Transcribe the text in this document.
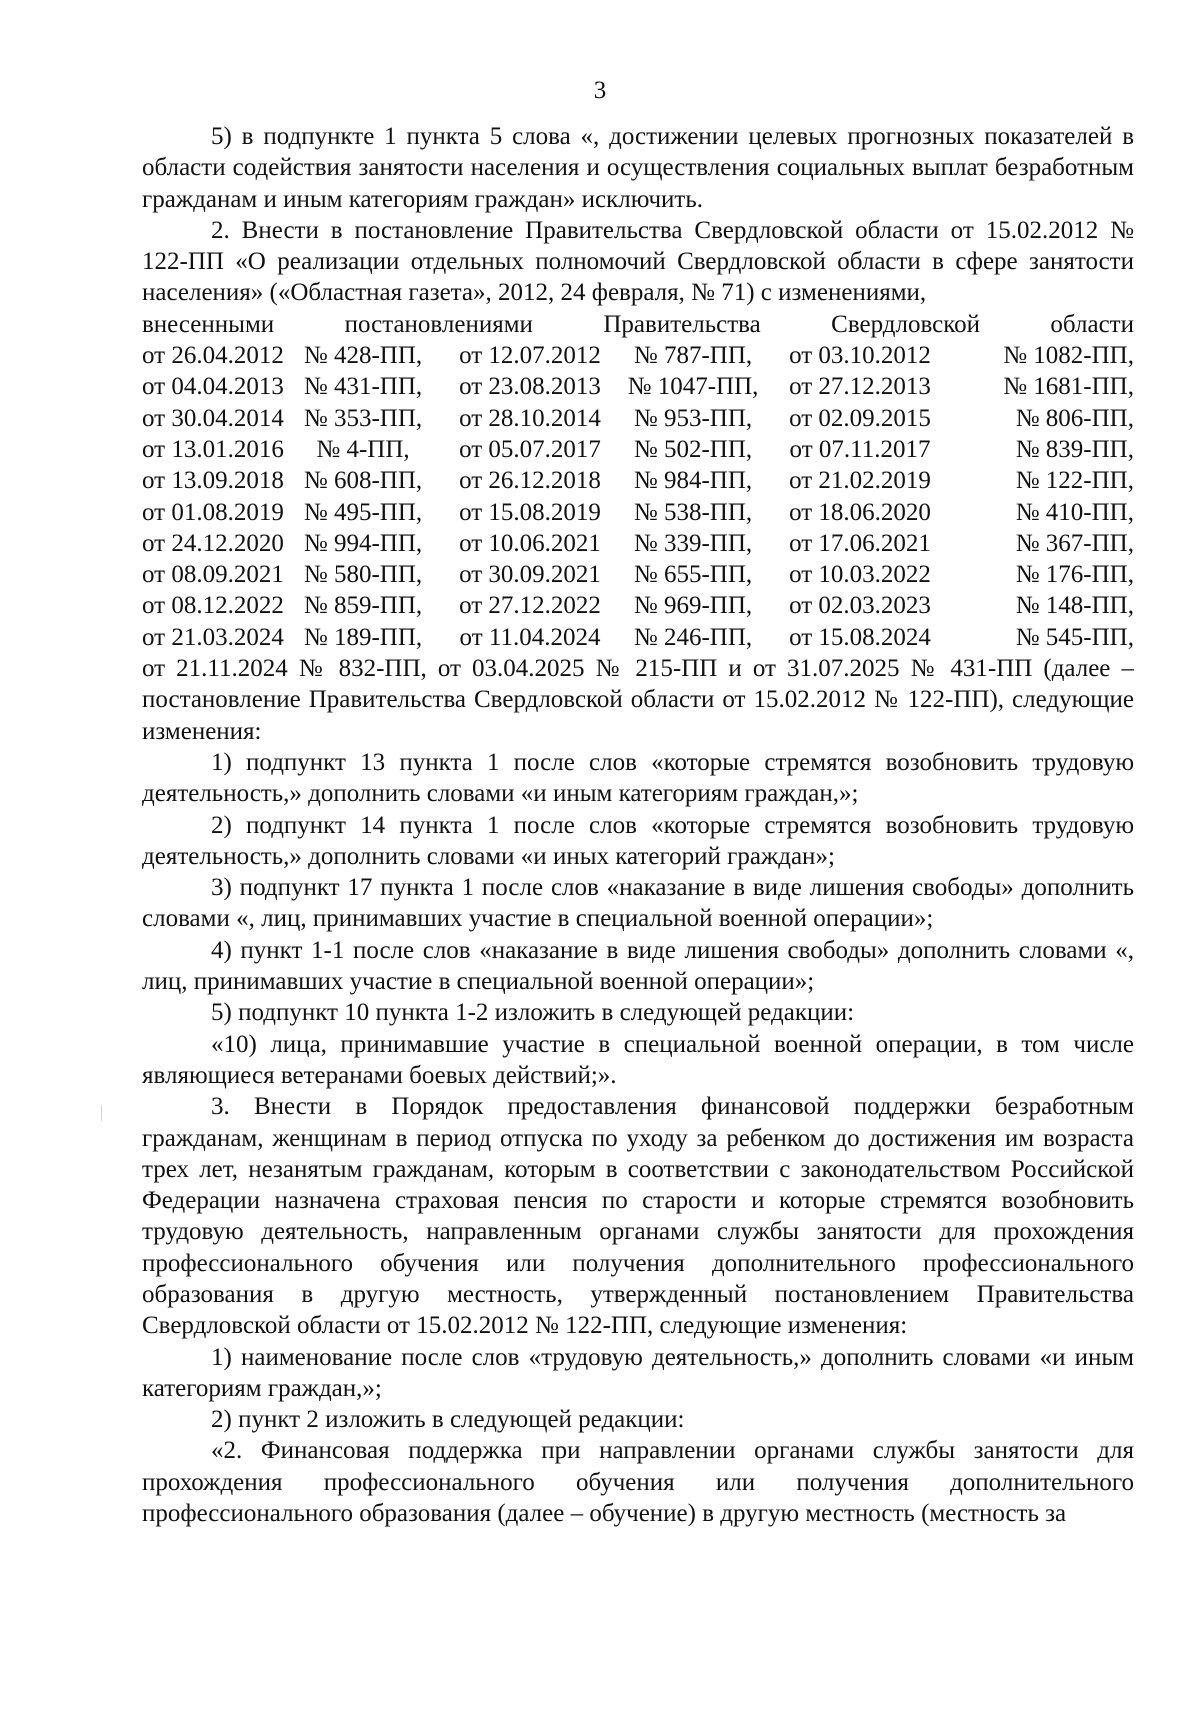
3

5) в подпункте 1 пункта 5 слова «, достижении целевых прогнозных показателей в области содействия занятости населения и осуществления социальных выплат безработным гражданам и иным категориям граждан» исключить.

2. Внести в постановление Правительства Свердловской области от 15.02.2012 № 122-ПП «О реализации отдельных полномочий Свердловской области в сфере занятости населения» («Областная газета», 2012, 24 февраля, № 71) с изменениями,

внесенными	постановлениями	Правительства	Свердловской	области
от 26.04.2012	№ 428-ПП,	от 12.07.2012	№ 787-ПП,	от 03.10.2012	№ 1082-ПП,
от 04.04.2013	№ 431-ПП,	от 23.08.2013	№ 1047-ПП,	от 27.12.2013	№ 1681-ПП,
от 30.04.2014	№ 353-ПП,	от 28.10.2014	№ 953-ПП,	от 02.09.2015	№ 806-ПП,
от 13.01.2016	№ 4-ПП,	от 05.07.2017	№ 502-ПП,	от 07.11.2017	№ 839-ПП,
от 13.09.2018	№ 608-ПП,	от 26.12.2018	№ 984-ПП,	от 21.02.2019	№ 122-ПП,
от 01.08.2019	№ 495-ПП,	от 15.08.2019	№ 538-ПП,	от 18.06.2020	№ 410-ПП,
от 24.12.2020	№ 994-ПП,	от 10.06.2021	№ 339-ПП,	от 17.06.2021	№ 367-ПП,
от 08.09.2021	№ 580-ПП,	от 30.09.2021	№ 655-ПП,	от 10.03.2022	№ 176-ПП,
от 08.12.2022	№ 859-ПП,	от 27.12.2022	№ 969-ПП,	от 02.03.2023	№ 148-ПП,
от 21.03.2024	№ 189-ПП,	от 11.04.2024	№ 246-ПП,	от 15.08.2024	№ 545-ПП,

от 21.11.2024 № 832-ПП, от 03.04.2025 № 215-ПП и от 31.07.2025 № 431-ПП (далее – постановление Правительства Свердловской области от 15.02.2012 № 122-ПП), следующие изменения:

1) подпункт 13 пункта 1 после слов «которые стремятся возобновить трудовую деятельность,» дополнить словами «и иным категориям граждан,»;

2) подпункт 14 пункта 1 после слов «которые стремятся возобновить трудовую деятельность,» дополнить словами «и иных категорий граждан»;

3) подпункт 17 пункта 1 после слов «наказание в виде лишения свободы» дополнить словами «, лиц, принимавших участие в специальной военной операции»;

4) пункт 1-1 после слов «наказание в виде лишения свободы» дополнить словами «, лиц, принимавших участие в специальной военной операции»;

5) подпункт 10 пункта 1-2 изложить в следующей редакции:

«10) лица, принимавшие участие в специальной военной операции, в том числе являющиеся ветеранами боевых действий;».

3. Внести в Порядок предоставления финансовой поддержки безработным гражданам, женщинам в период отпуска по уходу за ребенком до достижения им возраста трех лет, незанятым гражданам, которым в соответствии с законодательством Российской Федерации назначена страховая пенсия по старости и которые стремятся возобновить трудовую деятельность, направленным органами службы занятости для прохождения профессионального обучения или получения дополнительного профессионального образования в другую местность, утвержденный постановлением Правительства Свердловской области от 15.02.2012 № 122-ПП, следующие изменения:

1) наименование после слов «трудовую деятельность,» дополнить словами «и иным категориям граждан,»;

2) пункт 2 изложить в следующей редакции:

«2. Финансовая поддержка при направлении органами службы занятости для прохождения профессионального обучения или получения дополнительного профессионального образования (далее – обучение) в другую местность (местность за
